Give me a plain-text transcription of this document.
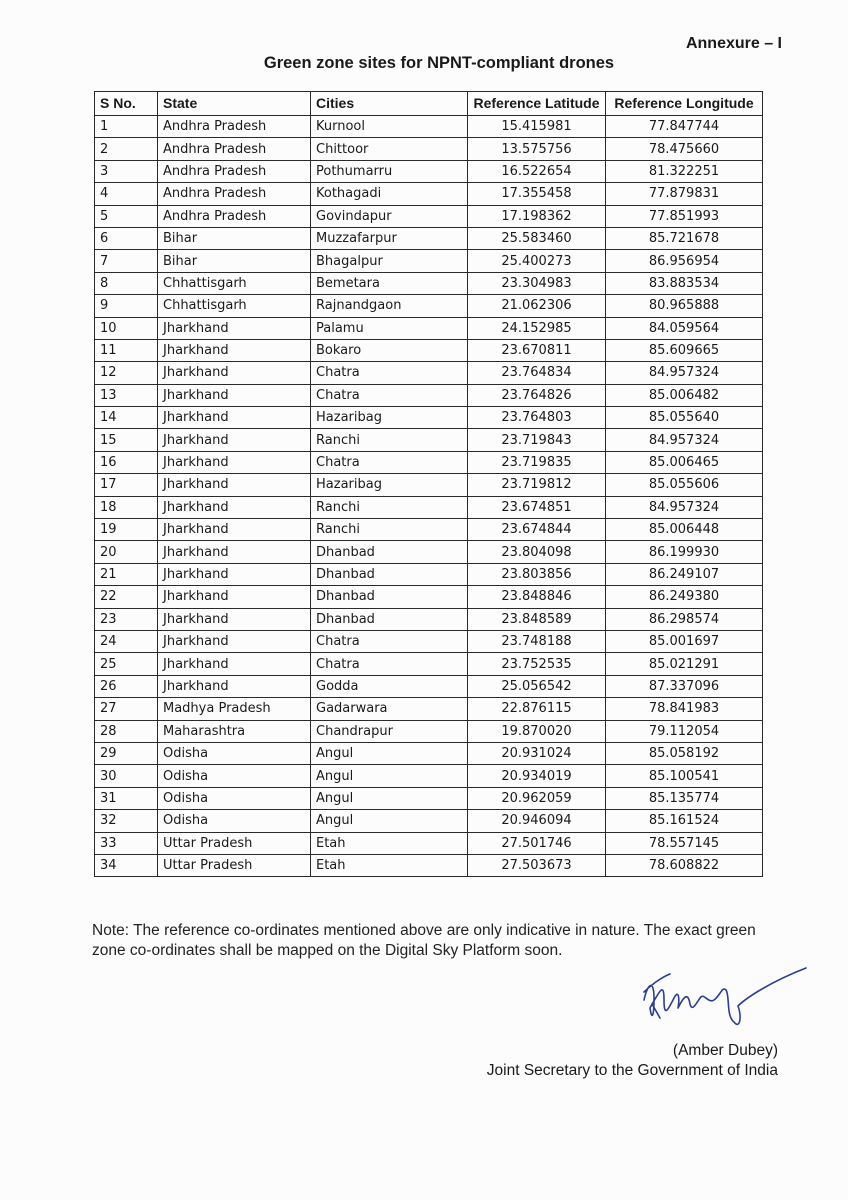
Annexure – I
Green zone sites for NPNT-compliant drones
S No.	State	Cities	Reference Latitude	Reference Longitude
1	Andhra Pradesh	Kurnool	15.415981	77.847744
2	Andhra Pradesh	Chittoor	13.575756	78.475660
3	Andhra Pradesh	Pothumarru	16.522654	81.322251
4	Andhra Pradesh	Kothagadi	17.355458	77.879831
5	Andhra Pradesh	Govindapur	17.198362	77.851993
6	Bihar	Muzzafarpur	25.583460	85.721678
7	Bihar	Bhagalpur	25.400273	86.956954
8	Chhattisgarh	Bemetara	23.304983	83.883534
9	Chhattisgarh	Rajnandgaon	21.062306	80.965888
10	Jharkhand	Palamu	24.152985	84.059564
11	Jharkhand	Bokaro	23.670811	85.609665
12	Jharkhand	Chatra	23.764834	84.957324
13	Jharkhand	Chatra	23.764826	85.006482
14	Jharkhand	Hazaribag	23.764803	85.055640
15	Jharkhand	Ranchi	23.719843	84.957324
16	Jharkhand	Chatra	23.719835	85.006465
17	Jharkhand	Hazaribag	23.719812	85.055606
18	Jharkhand	Ranchi	23.674851	84.957324
19	Jharkhand	Ranchi	23.674844	85.006448
20	Jharkhand	Dhanbad	23.804098	86.199930
21	Jharkhand	Dhanbad	23.803856	86.249107
22	Jharkhand	Dhanbad	23.848846	86.249380
23	Jharkhand	Dhanbad	23.848589	86.298574
24	Jharkhand	Chatra	23.748188	85.001697
25	Jharkhand	Chatra	23.752535	85.021291
26	Jharkhand	Godda	25.056542	87.337096
27	Madhya Pradesh	Gadarwara	22.876115	78.841983
28	Maharashtra	Chandrapur	19.870020	79.112054
29	Odisha	Angul	20.931024	85.058192
30	Odisha	Angul	20.934019	85.100541
31	Odisha	Angul	20.962059	85.135774
32	Odisha	Angul	20.946094	85.161524
33	Uttar Pradesh	Etah	27.501746	78.557145
34	Uttar Pradesh	Etah	27.503673	78.608822
Note: The reference co-ordinates mentioned above are only indicative in nature. The exact green zone co-ordinates shall be mapped on the Digital Sky Platform soon.
(Amber Dubey)
Joint Secretary to the Government of India
